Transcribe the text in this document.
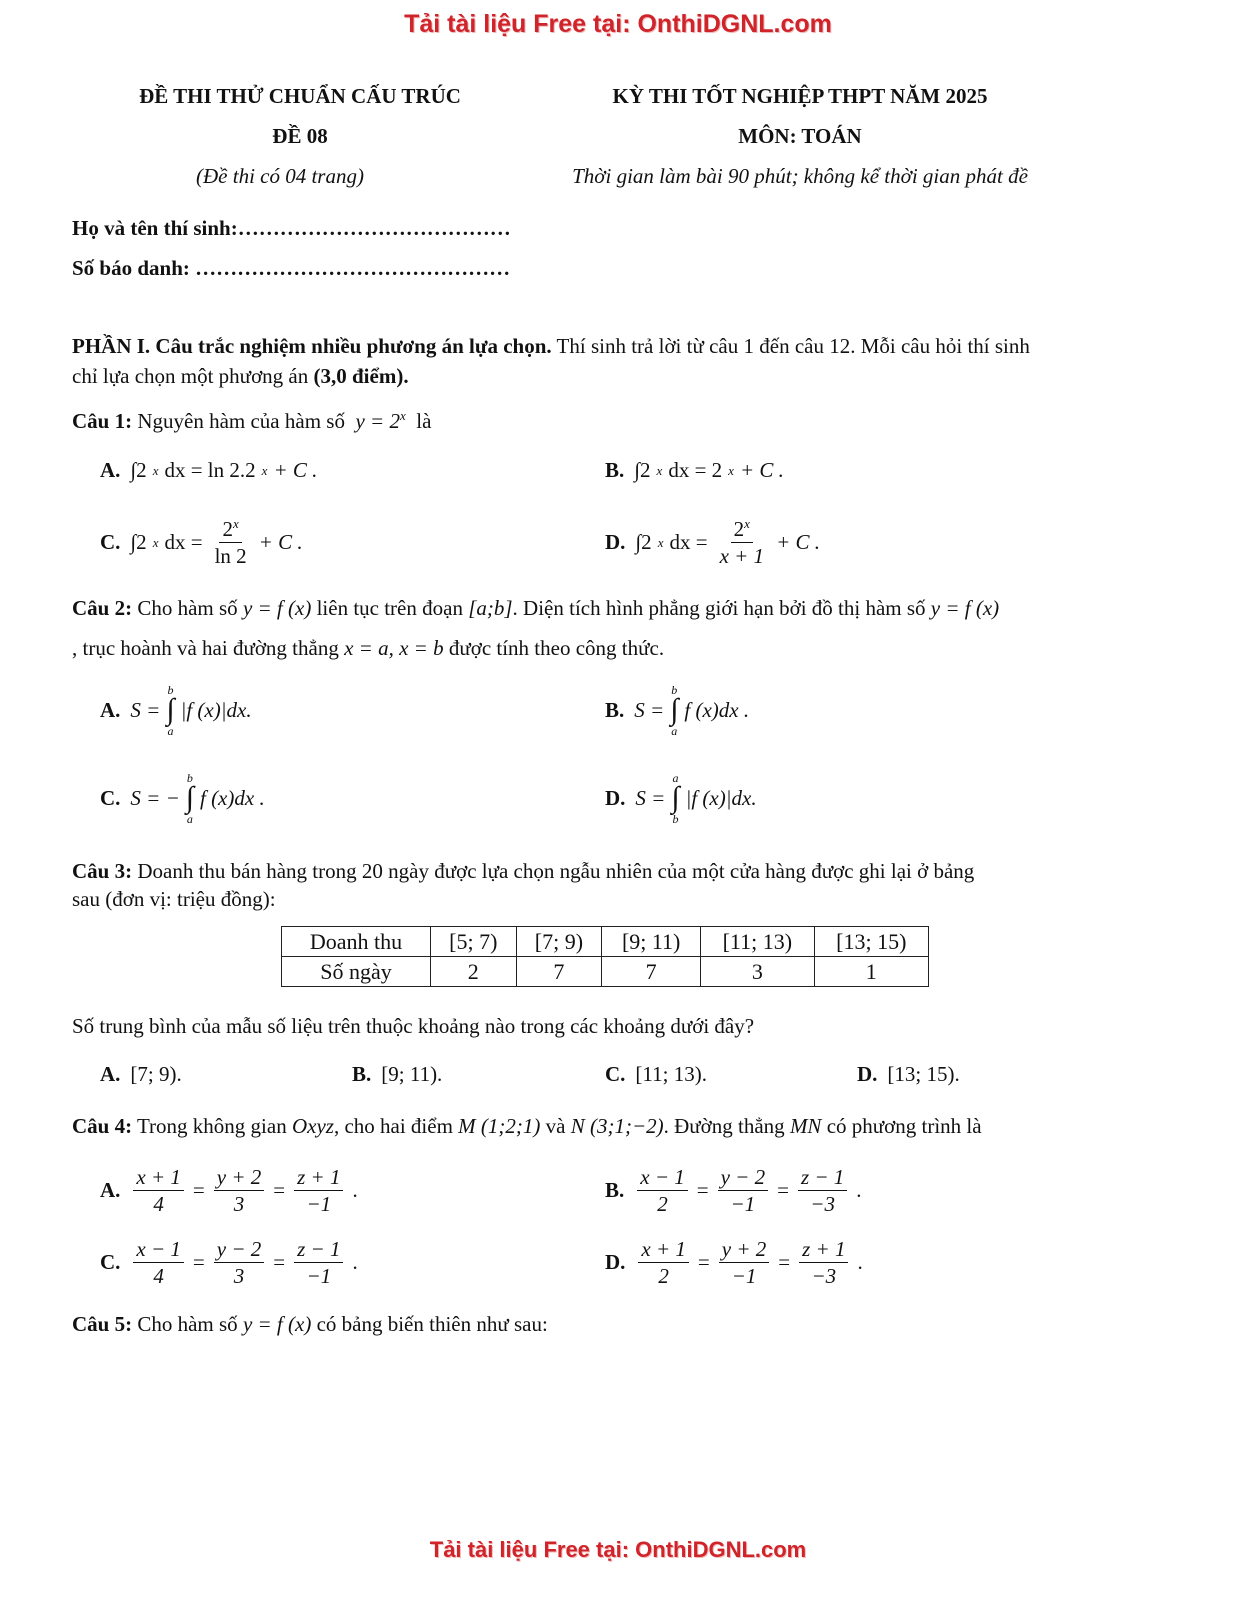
Tải tài liệu Free tại: OnthiDGNL.com
ĐỀ THI THỬ CHUẨN CẤU TRÚC
ĐỀ 08
(Đề thi có 04 trang)
KỲ THI TỐT NGHIỆP THPT NĂM 2025
MÔN: TOÁN
Thời gian làm bài 90 phút; không kể thời gian phát đề
Họ và tên thí sinh:…………………………………
Số báo danh: ………………………………………
PHẦN I. Câu trắc nghiệm nhiều phương án lựa chọn. Thí sinh trả lời từ câu 1 đến câu 12. Mỗi câu hỏi thí sinh
chỉ lựa chọn một phương án (3,0 điểm).
Câu 1: Nguyên hàm của hàm số $y = 2^x$ là
A. ∫2 x dx = ln 2.2 x + C .	B. ∫2 x dx = 2 x + C .
C. ∫2 x dx = $\frac{2^x}{\ln 2} + C$ .	D. ∫2 x dx = $\frac{2^x}{x + 1} + C$ .
Câu 2: Cho hàm số y = f (x) liên tục trên đoạn [a;b]. Diện tích hình phẳng giới hạn bởi đồ thị hàm số y = f (x)
, trục hoành và hai đường thẳng x = a, x = b được tính theo công thức.
A. S =
b
∫
a
|f (x)|dx.	B. S =
b
∫
a
f (x)dx .
C. S = −
b
∫
a
f (x)dx .	D. S =
a
∫
b
|f (x)|dx.
Câu 3: Doanh thu bán hàng trong 20 ngày được lựa chọn ngẫu nhiên của một cửa hàng được ghi lại ở bảng
sau (đơn vị: triệu đồng):
Doanh thu	[5; 7)	[7; 9)	[9; 11)	[11; 13)	[13; 15)
Số ngày	2	7	7	3	1
Số trung bình của mẫu số liệu trên thuộc khoảng nào trong các khoảng dưới đây?
A. [7; 9).	B. [9; 11).	C. [11; 13).	D. [13; 15).
Câu 4: Trong không gian Oxyz, cho hai điểm M (1;2;1) và N (3;1;−2). Đường thẳng MN có phương trình là
A. $\frac{x + 1}{4} = \frac{y + 2}{3} = \frac{z + 1}{-1}$ .	B. $\frac{x - 1}{2} = \frac{y - 2}{-1} = \frac{z - 1}{-3}$ .
C. $\frac{x - 1}{4} = \frac{y - 2}{3} = \frac{z - 1}{-1}$ .	D. $\frac{x + 1}{2} = \frac{y + 2}{-1} = \frac{z + 1}{-3}$ .
Câu 5: Cho hàm số y = f (x) có bảng biến thiên như sau:
Tải tài liệu Free tại: OnthiDGNL.com
